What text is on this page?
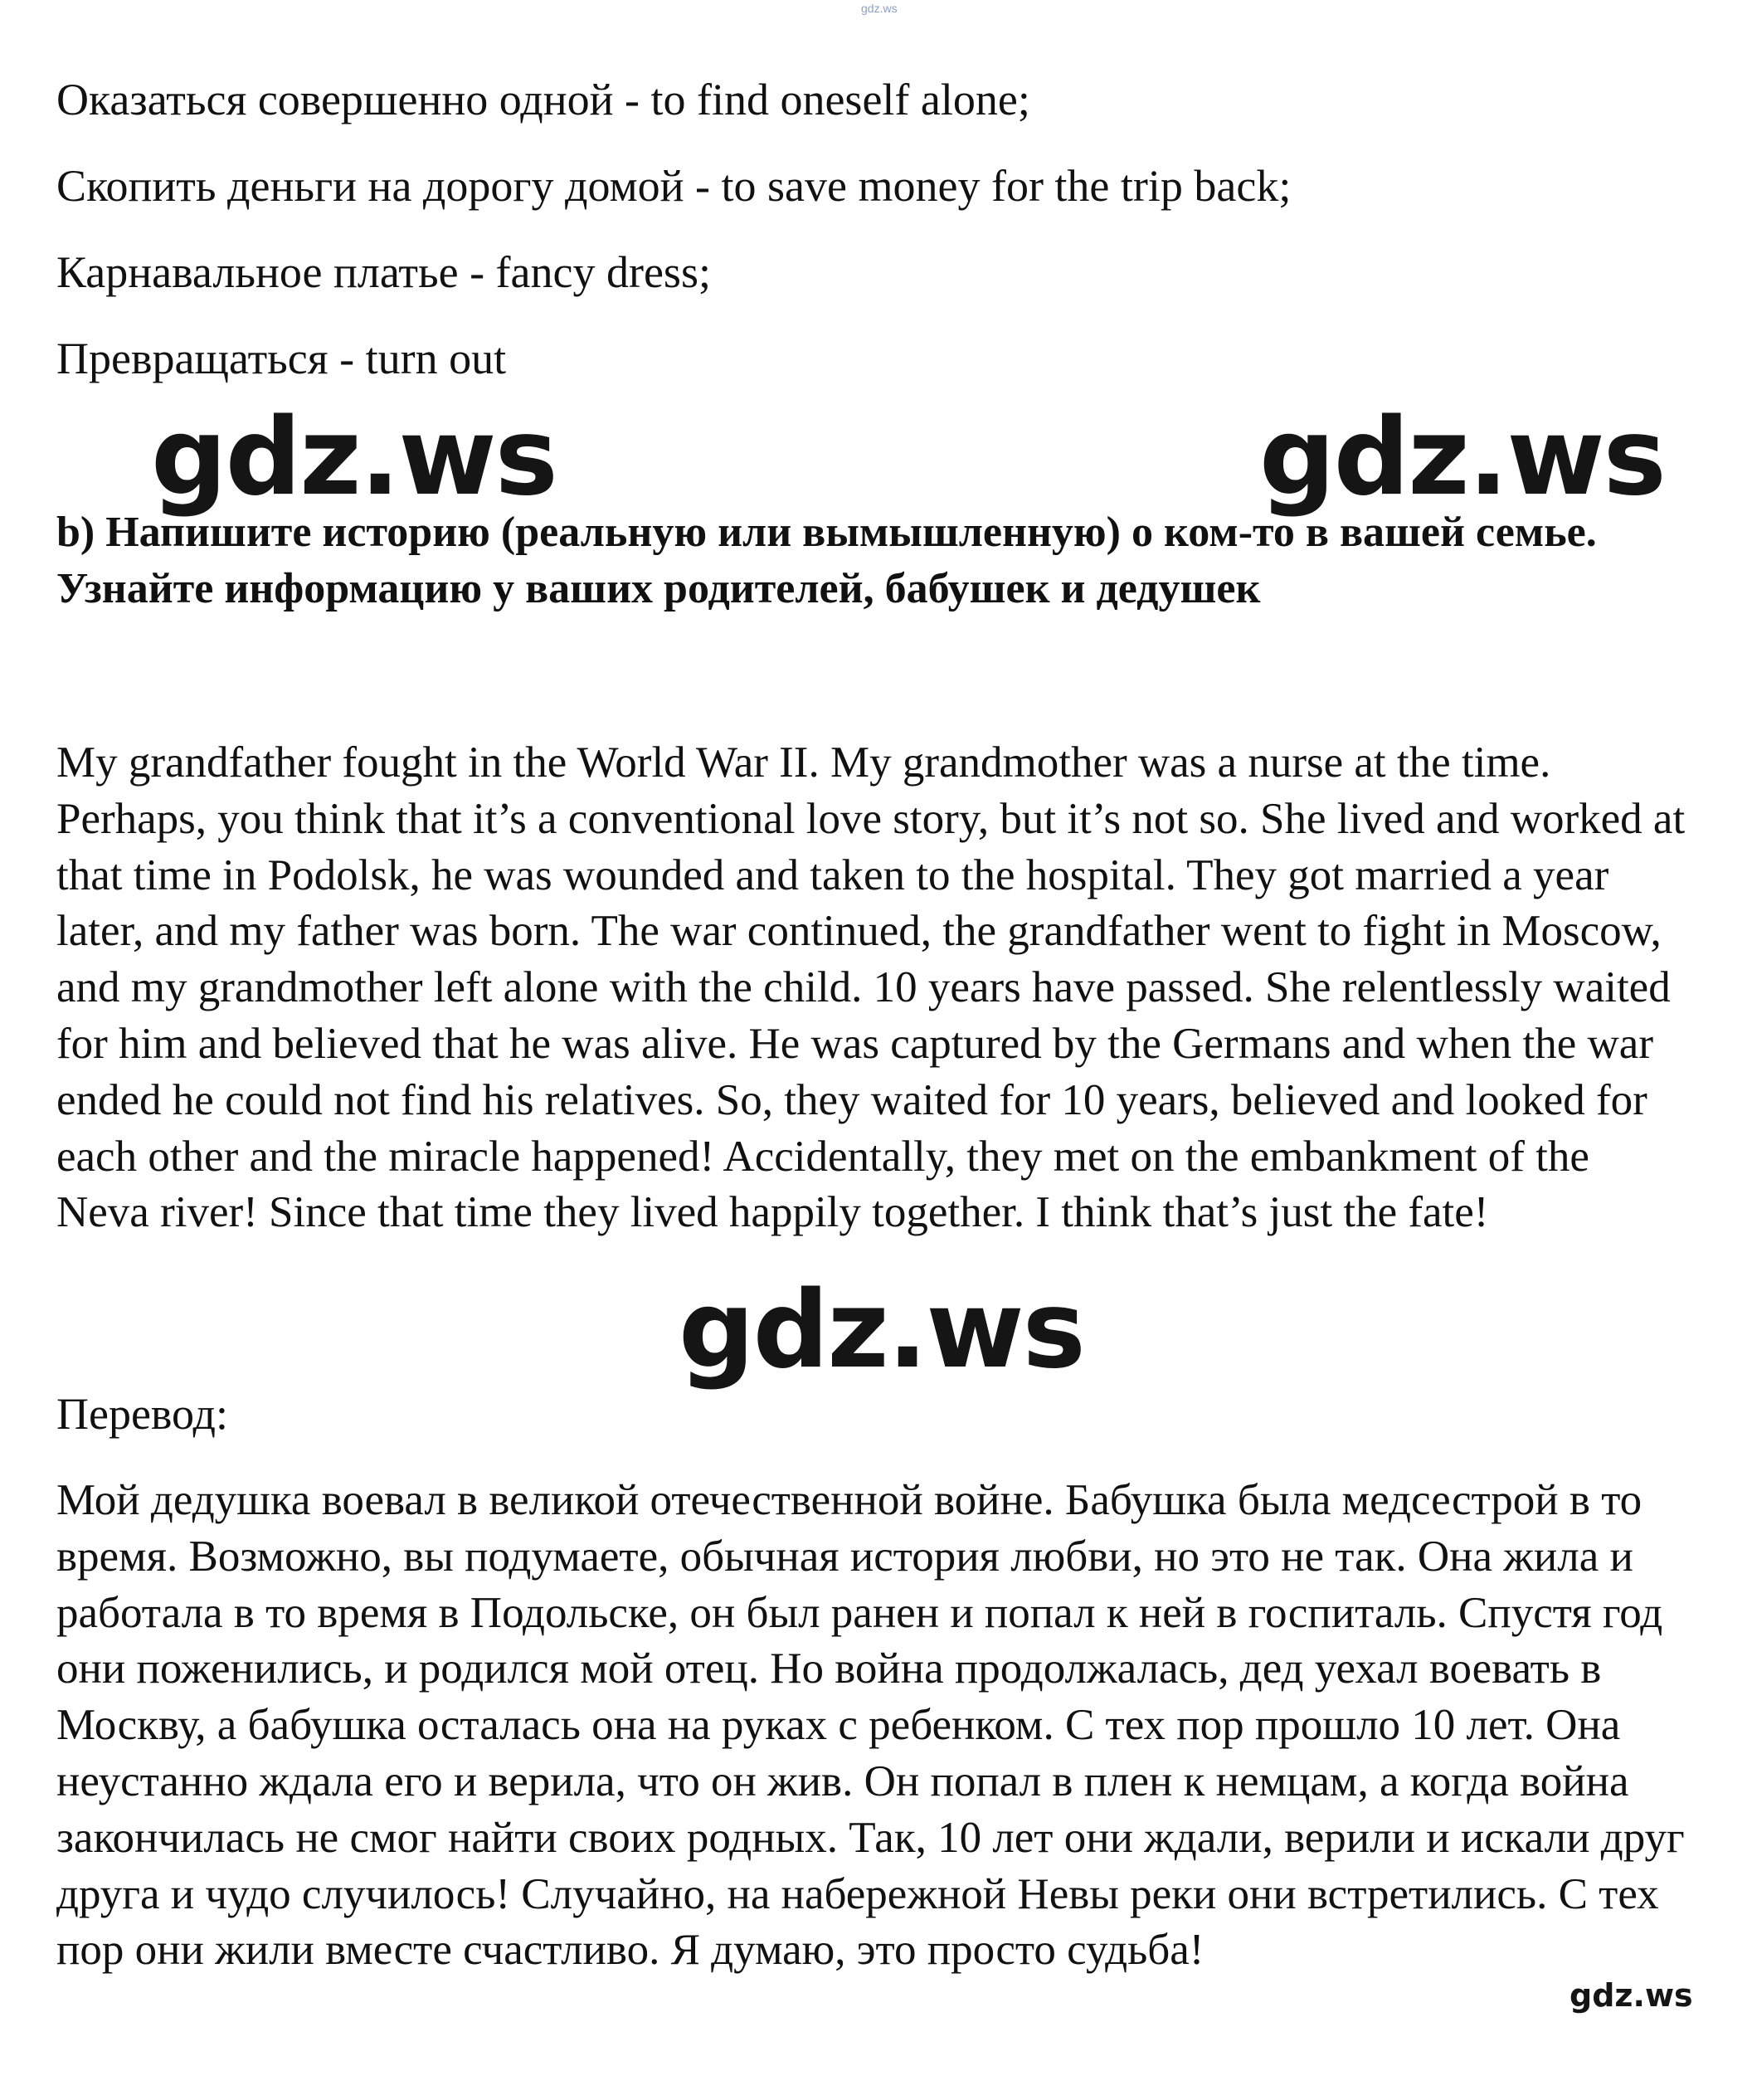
gdz.ws
Оказаться совершенно одной - to find oneself alone;
Скопить деньги на дорогу домой - to save money for the trip back;
Карнавальное платье - fancy dress;
Превращаться - turn out
gdz.ws	gdz.ws
b) Напишите историю (реальную или вымышленную) о ком-то в вашей семье. Узнайте информацию у ваших родителей, бабушек и дедушек

My grandfather fought in the World War II. My grandmother was a nurse at the time. Perhaps, you think that it’s a conventional love story, but it’s not so. She lived and worked at that time in Podolsk, he was wounded and taken to the hospital. They got married a year later, and my father was born. The war continued, the grandfather went to fight in Moscow, and my grandmother left alone with the child. 10 years have passed. She relentlessly waited for him and believed that he was alive. He was captured by the Germans and when the war ended he could not find his relatives. So, they waited for 10 years, believed and looked for each other and the miracle happened! Accidentally, they met on the embankment of the Neva river! Since that time they lived happily together. I think that’s just the fate!

gdz.ws
Перевод:

Мой дедушка воевал в великой отечественной войне. Бабушка была медсестрой в то время. Возможно, вы подумаете, обычная история любви, но это не так. Она жила и работала в то время в Подольске, он был ранен и попал к ней в госпиталь. Спустя год они поженились, и родился мой отец. Но война продолжалась, дед уехал воевать в Москву, а бабушка осталась она на руках с ребенком. С тех пор прошло 10 лет. Она неустанно ждала его и верила, что он жив. Он попал в плен к немцам, а когда война закончилась не смог найти своих родных. Так, 10 лет они ждали, верили и искали друг друга и чудо случилось! Случайно, на набережной Невы реки они встретились. С тех пор они жили вместе счастливо. Я думаю, это просто судьба!

gdz.ws
